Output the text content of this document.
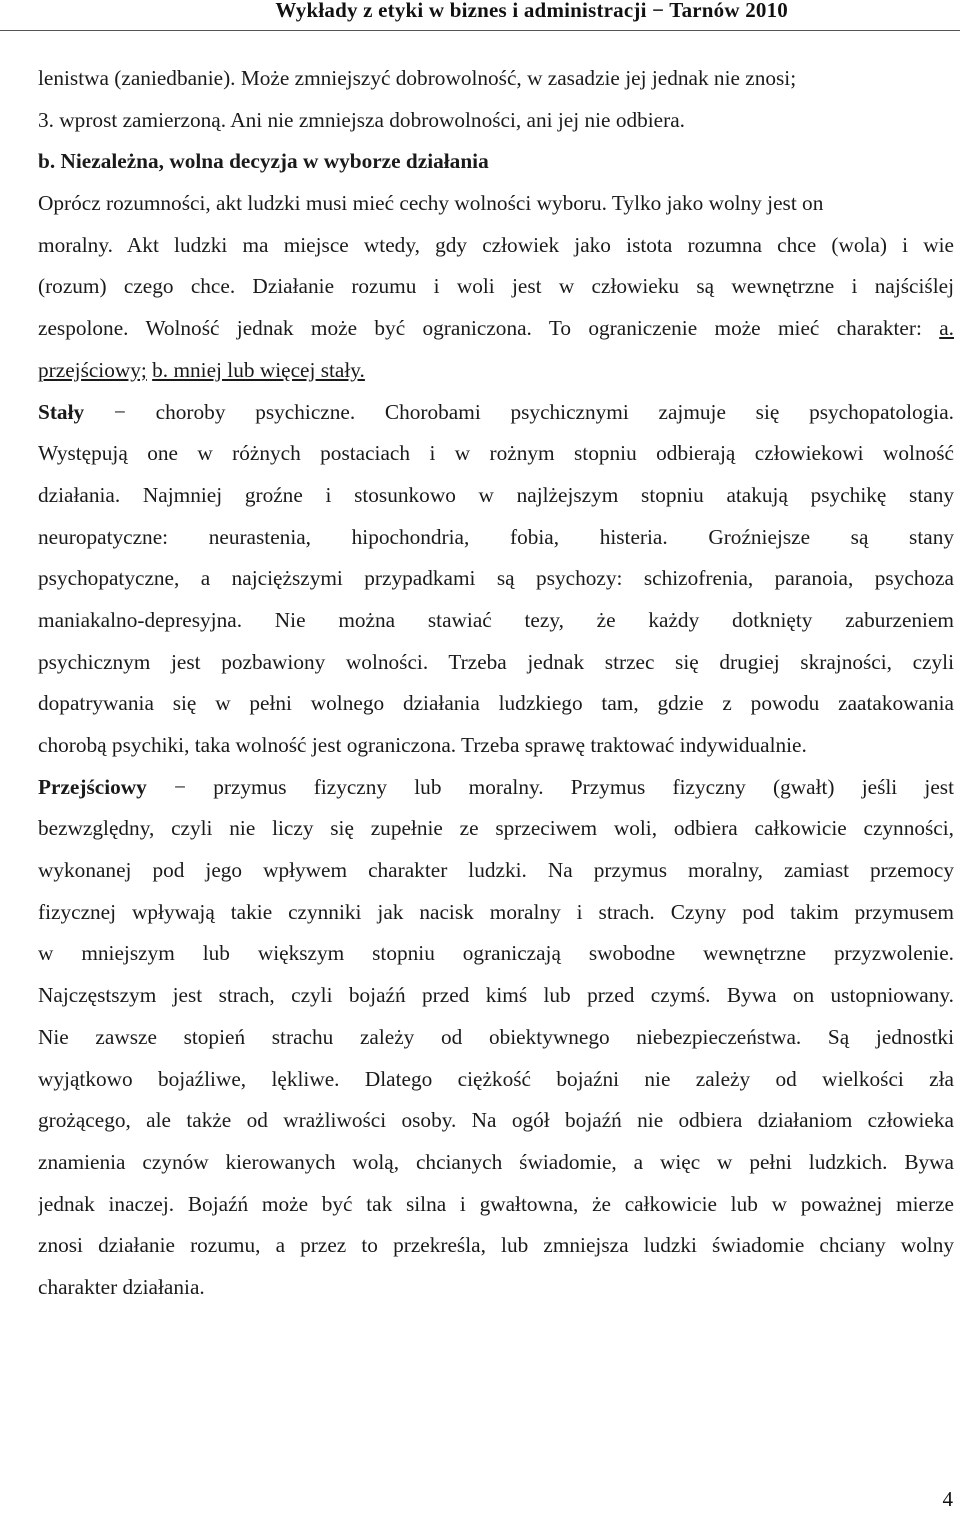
Wykłady z etyki w biznes i administracji − Tarnów 2010
lenistwa (zaniedbanie). Może zmniejszyć dobrowolność, w zasadzie jej jednak nie znosi;
3. wprost zamierzoną. Ani nie zmniejsza dobrowolności, ani jej nie odbiera.
b. Niezależna, wolna decyzja w wyborze działania
Oprócz rozumności, akt ludzki musi mieć cechy wolności wyboru. Tylko jako wolny jest on
moralny. Akt ludzki ma miejsce wtedy, gdy człowiek jako istota rozumna chce (wola) i wie
(rozum) czego chce. Działanie rozumu i woli jest w człowieku są wewnętrzne i najściślej
zespolone. Wolność jednak może być ograniczona. To ograniczenie może mieć charakter: a.
przejściowy; b. mniej lub więcej stały.
Stały − choroby psychiczne. Chorobami psychicznymi zajmuje się psychopatologia.
Występują one w różnych postaciach i w rożnym stopniu odbierają człowiekowi wolność
działania. Najmniej groźne i stosunkowo w najlżejszym stopniu atakują psychikę stany
neuropatyczne: neurastenia, hipochondria, fobia, histeria. Groźniejsze są stany
psychopatyczne, a najcięższymi przypadkami są psychozy: schizofrenia, paranoia, psychoza
maniakalno-depresyjna. Nie można stawiać tezy, że każdy dotknięty zaburzeniem
psychicznym jest pozbawiony wolności. Trzeba jednak strzec się drugiej skrajności, czyli
dopatrywania się w pełni wolnego działania ludzkiego tam, gdzie z powodu zaatakowania
chorobą psychiki, taka wolność jest ograniczona. Trzeba sprawę traktować indywidualnie.
Przejściowy − przymus fizyczny lub moralny. Przymus fizyczny (gwałt) jeśli jest
bezwzględny, czyli nie liczy się zupełnie ze sprzeciwem woli, odbiera całkowicie czynności,
wykonanej pod jego wpływem charakter ludzki. Na przymus moralny, zamiast przemocy
fizycznej wpływają takie czynniki jak nacisk moralny i strach. Czyny pod takim przymusem
w mniejszym lub większym stopniu ograniczają swobodne wewnętrzne przyzwolenie.
Najczęstszym jest strach, czyli bojaźń przed kimś lub przed czymś. Bywa on ustopniowany.
Nie zawsze stopień strachu zależy od obiektywnego niebezpieczeństwa. Są jednostki
wyjątkowo bojaźliwe, lękliwe. Dlatego ciężkość bojaźni nie zależy od wielkości zła
grożącego, ale także od wrażliwości osoby. Na ogół bojaźń nie odbiera działaniom człowieka
znamienia czynów kierowanych wolą, chcianych świadomie, a więc w pełni ludzkich. Bywa
jednak inaczej. Bojaźń może być tak silna i gwałtowna, że całkowicie lub w poważnej mierze
znosi działanie rozumu, a przez to przekreśla, lub zmniejsza ludzki świadomie chciany wolny
charakter działania.
4
